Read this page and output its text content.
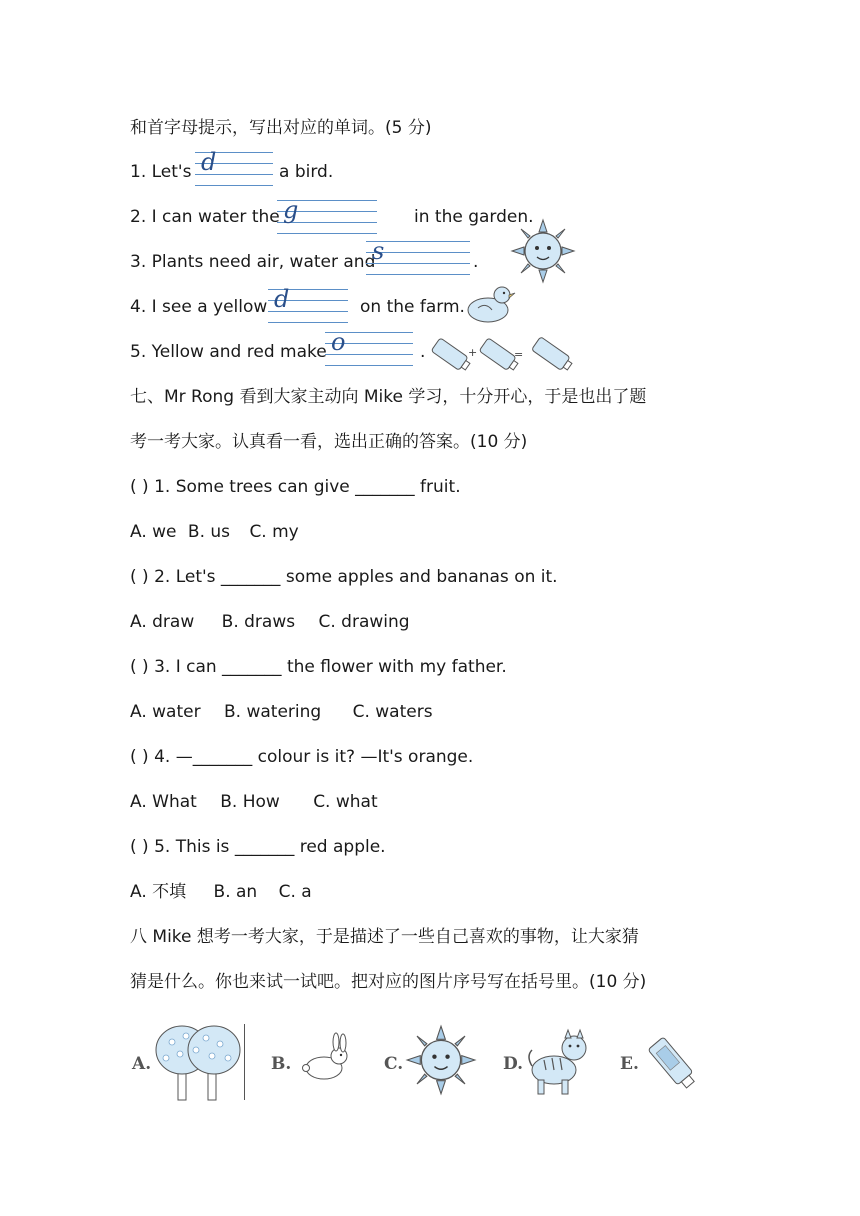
和首字母提示，写出对应的单词。(5 分)
1. Let's d	a bird.
2. I can water the g	in the garden.
3. Plants need air, water and
s	.
4. I see a yellow d	on the farm.
5. Yellow and red make o	.	+	=
七、Mr Rong 看到大家主动向 Mike 学习，十分开心，于是也出了题
考一考大家。认真看一看，选出正确的答案。(10 分)
( ) 1. Some trees can give _______ fruit.
A. we B. us C. my
( ) 2. Let's _______ some apples and bananas on it.
A. draw B. draws C. drawing
( ) 3. I can _______ the flower with my father.
A. water B. watering C. waters
( ) 4. —_______ colour is it? —It's orange.
A. What B. How C. what
( ) 5. This is _______ red apple.
A. 不填 B. an C. a
八 Mike 想考一考大家，于是描述了一些自己喜欢的事物，让大家猜
猜是什么。你也来试一试吧。把对应的图片序号写在括号里。(10 分)
A.	B.	C.	D.	E.
